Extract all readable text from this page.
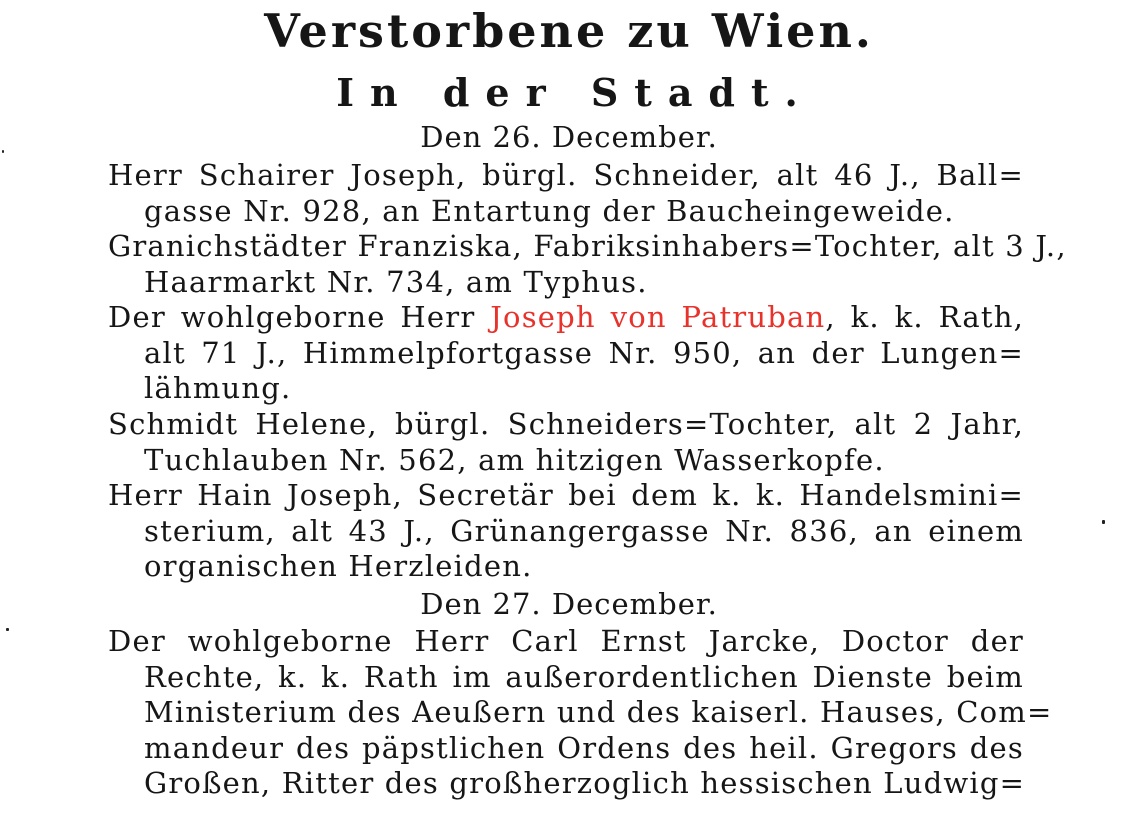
Verstorbene zu Wien.
In der Stadt.
Den 26. December.
Herr Schairer Joseph, bürgl. Schneider, alt 46 J., Ball=
gasse Nr. 928, an Entartung der Baucheingeweide.
Granichstädter Franziska, Fabriksinhabers=Tochter, alt 3 J.,
Haarmarkt Nr. 734, am Typhus.
Der wohlgeborne Herr Joseph von Patruban, k. k. Rath,
alt 71 J., Himmelpfortgasse Nr. 950, an der Lungen=
lähmung.
Schmidt Helene, bürgl. Schneiders=Tochter, alt 2 Jahr,
Tuchlauben Nr. 562, am hitzigen Wasserkopfe.
Herr Hain Joseph, Secretär bei dem k. k. Handelsmini=
sterium, alt 43 J., Grünangergasse Nr. 836, an einem
organischen Herzleiden.
Den 27. December.
Der wohlgeborne Herr Carl Ernst Jarcke, Doctor der
Rechte, k. k. Rath im außerordentlichen Dienste beim
Ministerium des Aeußern und des kaiserl. Hauses, Com=
mandeur des päpstlichen Ordens des heil. Gregors des
Großen, Ritter des großherzoglich hessischen Ludwig=
